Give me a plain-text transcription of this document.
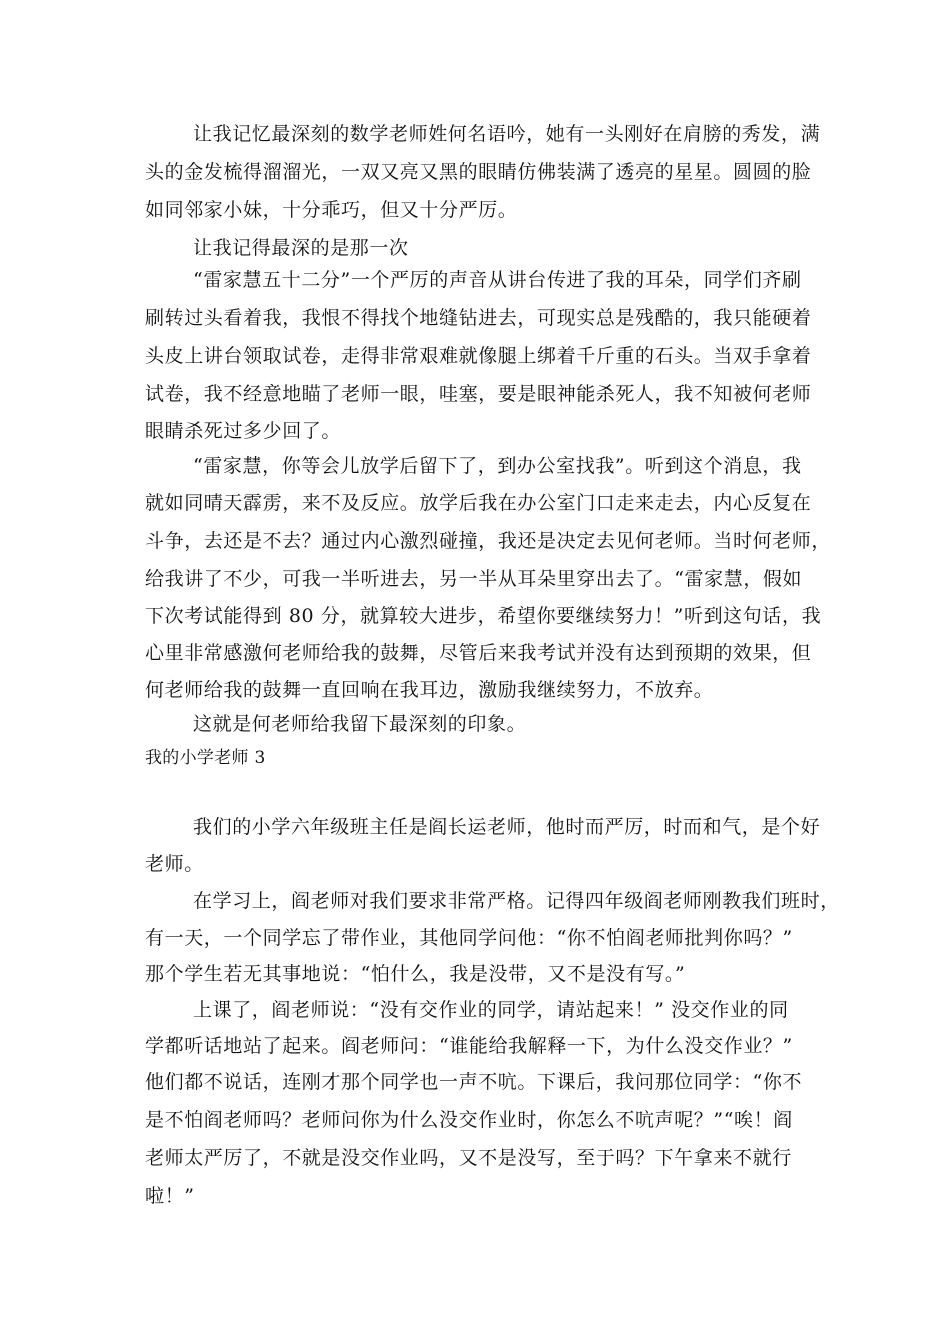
让我记忆最深刻的数学老师姓何名语吟，她有一头刚好在肩膀的秀发，满
头的金发梳得溜溜光，一双又亮又黑的眼睛仿佛装满了透亮的星星。圆圆的脸
如同邻家小妹，十分乖巧，但又十分严厉。
让我记得最深的是那一次
“雷家慧五十二分”一个严厉的声音从讲台传进了我的耳朵，同学们齐刷
刷转过头看着我，我恨不得找个地缝钻进去，可现实总是残酷的，我只能硬着
头皮上讲台领取试卷，走得非常艰难就像腿上绑着千斤重的石头。当双手拿着
试卷，我不经意地瞄了老师一眼，哇塞，要是眼神能杀死人，我不知被何老师
眼睛杀死过多少回了。
“雷家慧，你等会儿放学后留下了，到办公室找我”。听到这个消息，我
就如同晴天霹雳，来不及反应。放学后我在办公室门口走来走去，内心反复在
斗争，去还是不去？通过内心激烈碰撞，我还是决定去见何老师。当时何老师，
给我讲了不少，可我一半听进去，另一半从耳朵里穿出去了。“雷家慧，假如
下次考试能得到 80 分，就算较大进步，希望你要继续努力！”听到这句话，我
心里非常感激何老师给我的鼓舞，尽管后来我考试并没有达到预期的效果，但
何老师给我的鼓舞一直回响在我耳边，激励我继续努力，不放弃。
这就是何老师给我留下最深刻的印象。
我的小学老师 3
我们的小学六年级班主任是阎长运老师，他时而严厉，时而和气，是个好
老师。
在学习上，阎老师对我们要求非常严格。记得四年级阎老师刚教我们班时，
有一天，一个同学忘了带作业，其他同学问他：“你不怕阎老师批判你吗？”
那个学生若无其事地说：“怕什么，我是没带，又不是没有写。”
上课了，阎老师说：“没有交作业的同学，请站起来！” 没交作业的同
学都听话地站了起来。阎老师问：“谁能给我解释一下，为什么没交作业？”
他们都不说话，连刚才那个同学也一声不吭。下课后，我问那位同学：“你不
是不怕阎老师吗？老师问你为什么没交作业时，你怎么不吭声呢？”“唉！阎
老师太严厉了，不就是没交作业吗，又不是没写，至于吗？下午拿来不就行
啦！”
